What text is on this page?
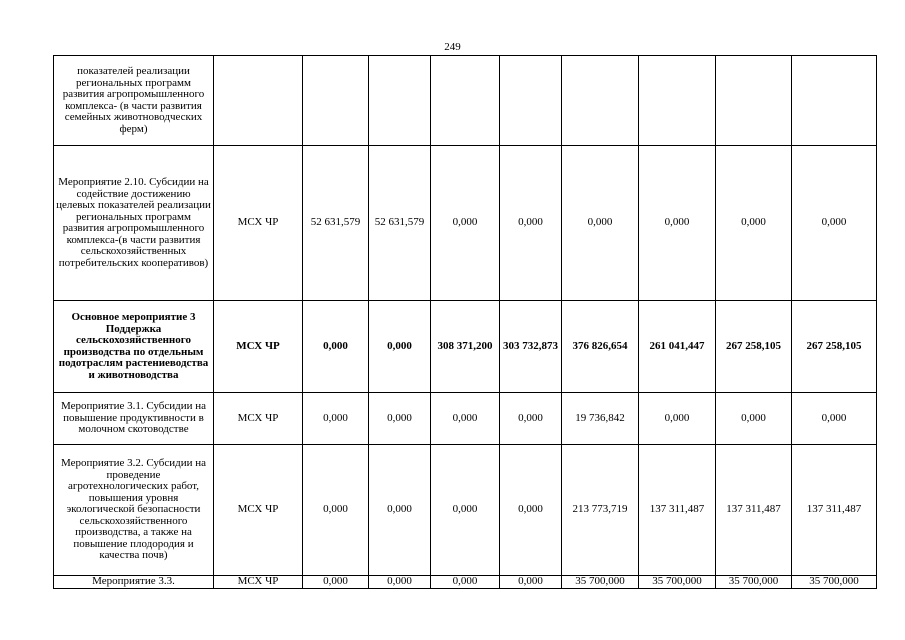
249
показателей реализации региональных программ развития агропромышленного комплекса- (в части развития семейных животноводческих ферм)									
Мероприятие 2.10. Субсидии на содействие достижению целевых показателей реализации региональных программ развития агропромышленного комплекса-(в части развития сельскохозяйственных потребительских кооперативов)	МСХ ЧР	52 631,579	52 631,579	0,000	0,000	0,000	0,000	0,000	0,000
Основное мероприятие 3 Поддержка сельскохозяйственного производства по отдельным подотраслям растениеводства и животноводства	МСХ ЧР	0,000	0,000	308 371,200	303 732,873	376 826,654	261 041,447	267 258,105	267 258,105
Мероприятие 3.1. Субсидии на повышение продуктивности в молочном скотоводстве	МСХ ЧР	0,000	0,000	0,000	0,000	19 736,842	0,000	0,000	0,000
Мероприятие 3.2. Субсидии на проведение агротехнологических работ, повышения уровня экологической безопасности сельскохозяйственного производства, а также на повышение плодородия и качества почв)	МСХ ЧР	0,000	0,000	0,000	0,000	213 773,719	137 311,487	137 311,487	137 311,487
Мероприятие 3.3.	МСХ ЧР	0,000	0,000	0,000	0,000	35 700,000	35 700,000	35 700,000	35 700,000
